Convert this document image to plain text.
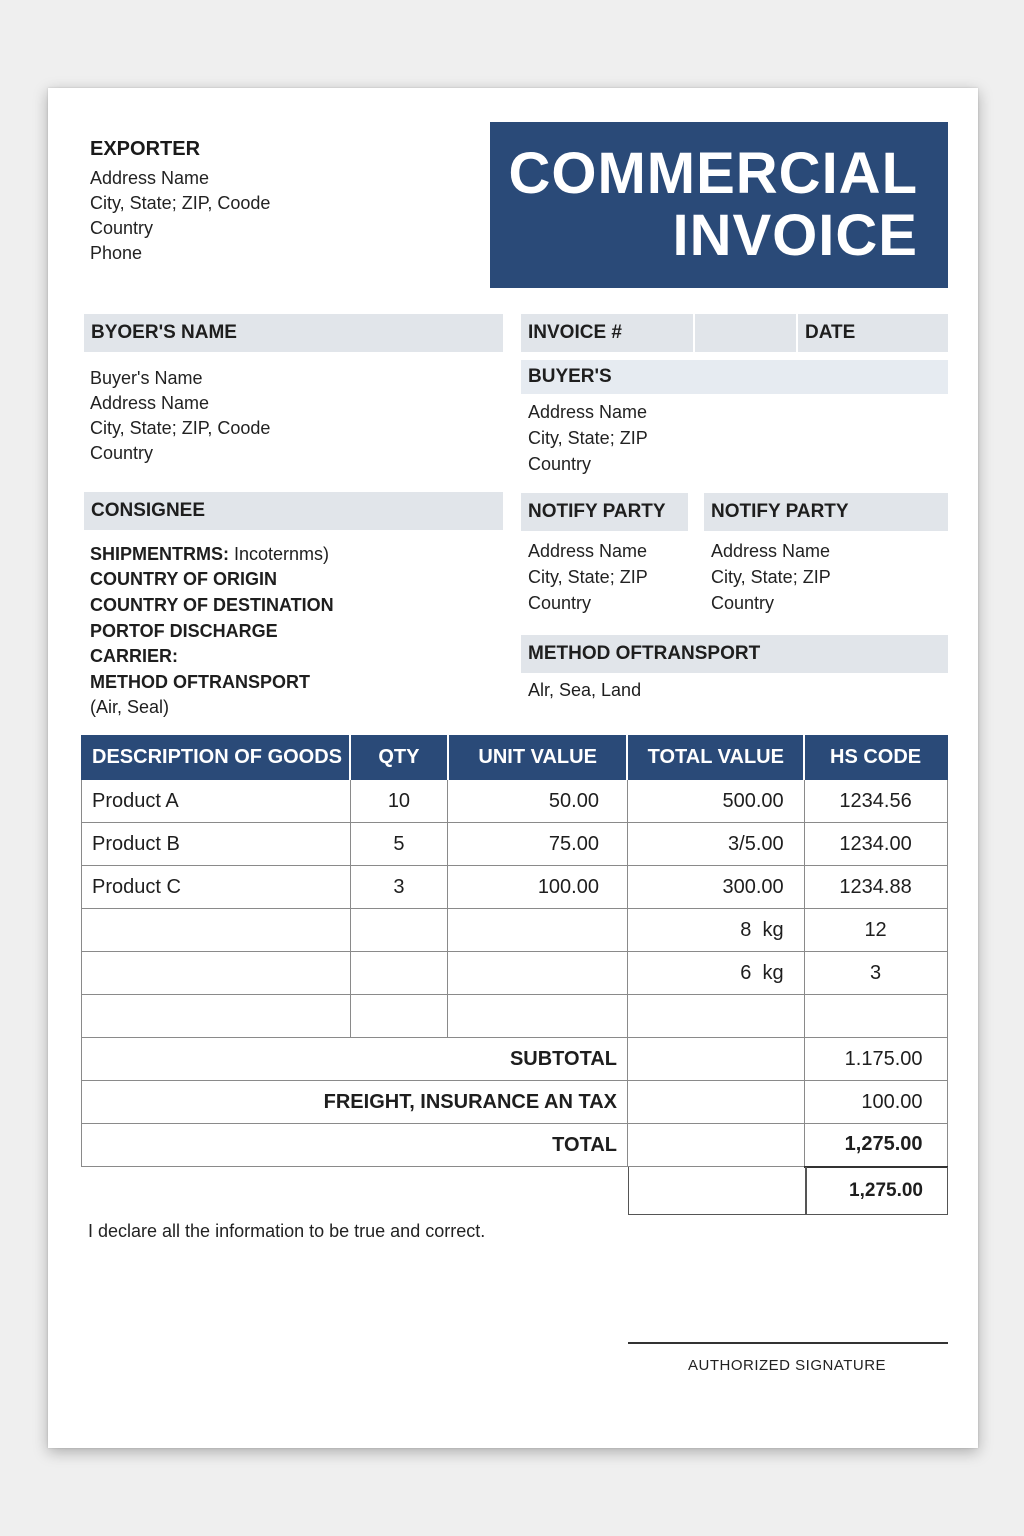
EXPORTER
Address Name
City, State; ZIP, Coode
Country
Phone
COMMERCIAL
INVOICE
BYOER'S NAME
Buyer's Name
Address Name
City, State; ZIP, Coode
Country
INVOICE #	DATE
BUYER'S
Address Name
City, State; ZIP
Country
CONSIGNEE
SHIPMENTRMS: Incoternms)
COUNTRY OF ORIGIN
COUNTRY OF DESTINATION
PORTOF DISCHARGE
CARRIER:
METHOD OFTRANSPORT
(Air, Seal)
NOTIFY PARTY
Address Name
City, State; ZIP
Country
NOTIFY PARTY
Address Name
City, State; ZIP
Country
METHOD OFTRANSPORT
Alr, Sea, Land
DESCRIPTION OF GOODS	QTY	UNIT VALUE	TOTAL VALUE	HS CODE
Product A	10	50.00	500.00	1234.56
Product B	5	75.00	3/5.00	1234.00
Product C	3	100.00	300.00	1234.88
			8  kg	12
			6  kg	3

SUBTOTAL				1.175.00
FREIGHT, INSURANCE AN TAX				100.00
TOTAL				1,275.00
1,275.00
I declare all the information to be true and correct.
AUTHORIZED SIGNATURE
